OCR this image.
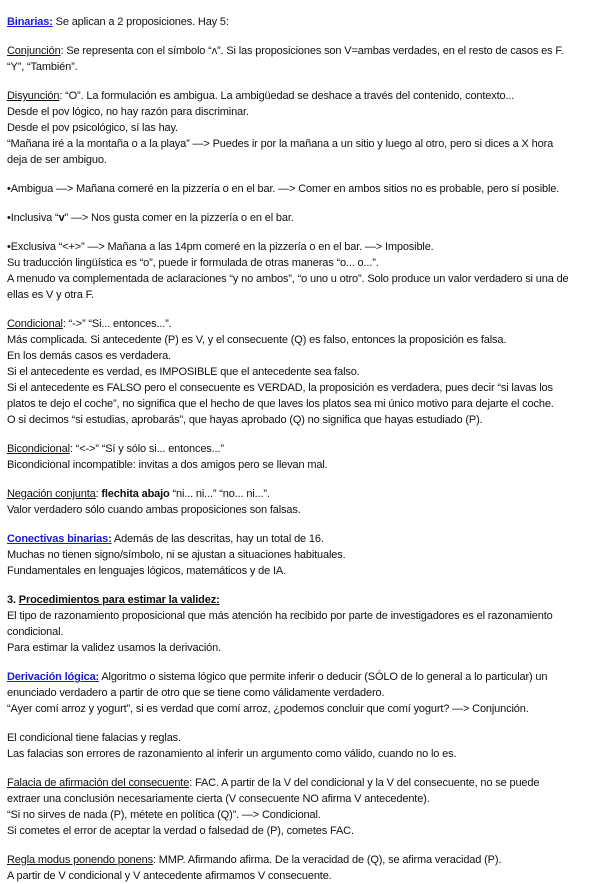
Binarias: Se aplican a 2 proposiciones. Hay 5:
Conjunción: Se representa con el símbolo “ᴧ”. Si las proposiciones son V=ambas verdades, en el resto de casos es F.
“Y”, “También”.
Disyunción: “O”. La formulación es ambigua. La ambigüedad se deshace a través del contenido, contexto...
Desde el pov lógico, no hay razón para discriminar.
Desde el pov psicológico, sí las hay.
“Mañana iré a la montaña o a la playa” —> Puedes ir por la mañana a un sitio y luego al otro, pero si dices a X hora
deja de ser ambiguo.
•Ambigua —> Mañana comeré en la pizzería o en el bar. —> Comer en ambos sitios no es probable, pero sí posible.
•Inclusiva “v” —> Nos gusta comer en la pizzería o en el bar.
•Exclusiva “<+>” —> Mañana a las 14pm comeré en la pizzería o en el bar. —> Imposible.
Su traducción lingüística es “o”, puede ir formulada de otras maneras “o... o...”.
A menudo va complementada de aclaraciones “y no ambos”, “o uno u otro”. Solo produce un valor verdadero si una de
ellas es V y otra F.
Condicional: “->” “Si... entonces...”.
Más complicada. Si antecedente (P) es V, y el consecuente (Q) es falso, entonces la proposición es falsa.
En los demás casos es verdadera.
Si el antecedente es verdad, es IMPOSIBLE que el antecedente sea falso.
Si el antecedente es FALSO pero el consecuente es VERDAD, la proposición es verdadera, pues decir “si lavas los
platos te dejo el coche”, no significa que el hecho de que laves los platos sea mi único motivo para dejarte el coche.
O si decimos “si estudias, aprobarás”, que hayas aprobado (Q) no significa que hayas estudiado (P).
Bicondicional: “<->” “Sí y sólo si... entonces...”
Bicondicional incompatible: invitas a dos amigos pero se llevan mal.
Negación conjunta: flechita abajo “ni... ni...” “no... ni...”.
Valor verdadero sólo cuando ambas proposiciones son falsas.
Conectivas binarias: Además de las descritas, hay un total de 16.
Muchas no tienen signo/símbolo, ni se ajustan a situaciones habituales.
Fundamentales en lenguajes lógicos, matemáticos y de IA.
3. Procedimientos para estimar la validez:
El tipo de razonamiento proposicional que más atención ha recibido por parte de investigadores es el razonamiento
condicional.
Para estimar la validez usamos la derivación.
Derivación lógica: Algoritmo o sistema lógico que permite inferir o deducir (SÓLO de lo general a lo particular) un
enunciado verdadero a partir de otro que se tiene como válidamente verdadero.
“Ayer comí arroz y yogurt”, si es verdad que comí arroz, ¿podemos concluir que comí yogurt? —> Conjunción.
El condicional tiene falacias y reglas.
Las falacias son errores de razonamiento al inferir un argumento como válido, cuando no lo es.
Falacia de afirmación del consecuente: FAC. A partir de la V del condicional y la V del consecuente, no se puede
extraer una conclusión necesariamente cierta (V consecuente NO afirma V antecedente).
“Si no sirves de nada (P), métete en política (Q)”. —> Condicional.
Si cometes el error de aceptar la verdad o falsedad de (P), cometes FAC.
Regla modus ponendo ponens: MMP. Afirmando afirma. De la veracidad de (Q), se afirma veracidad (P).
A partir de V condicional y V antecedente afirmamos V consecuente.
